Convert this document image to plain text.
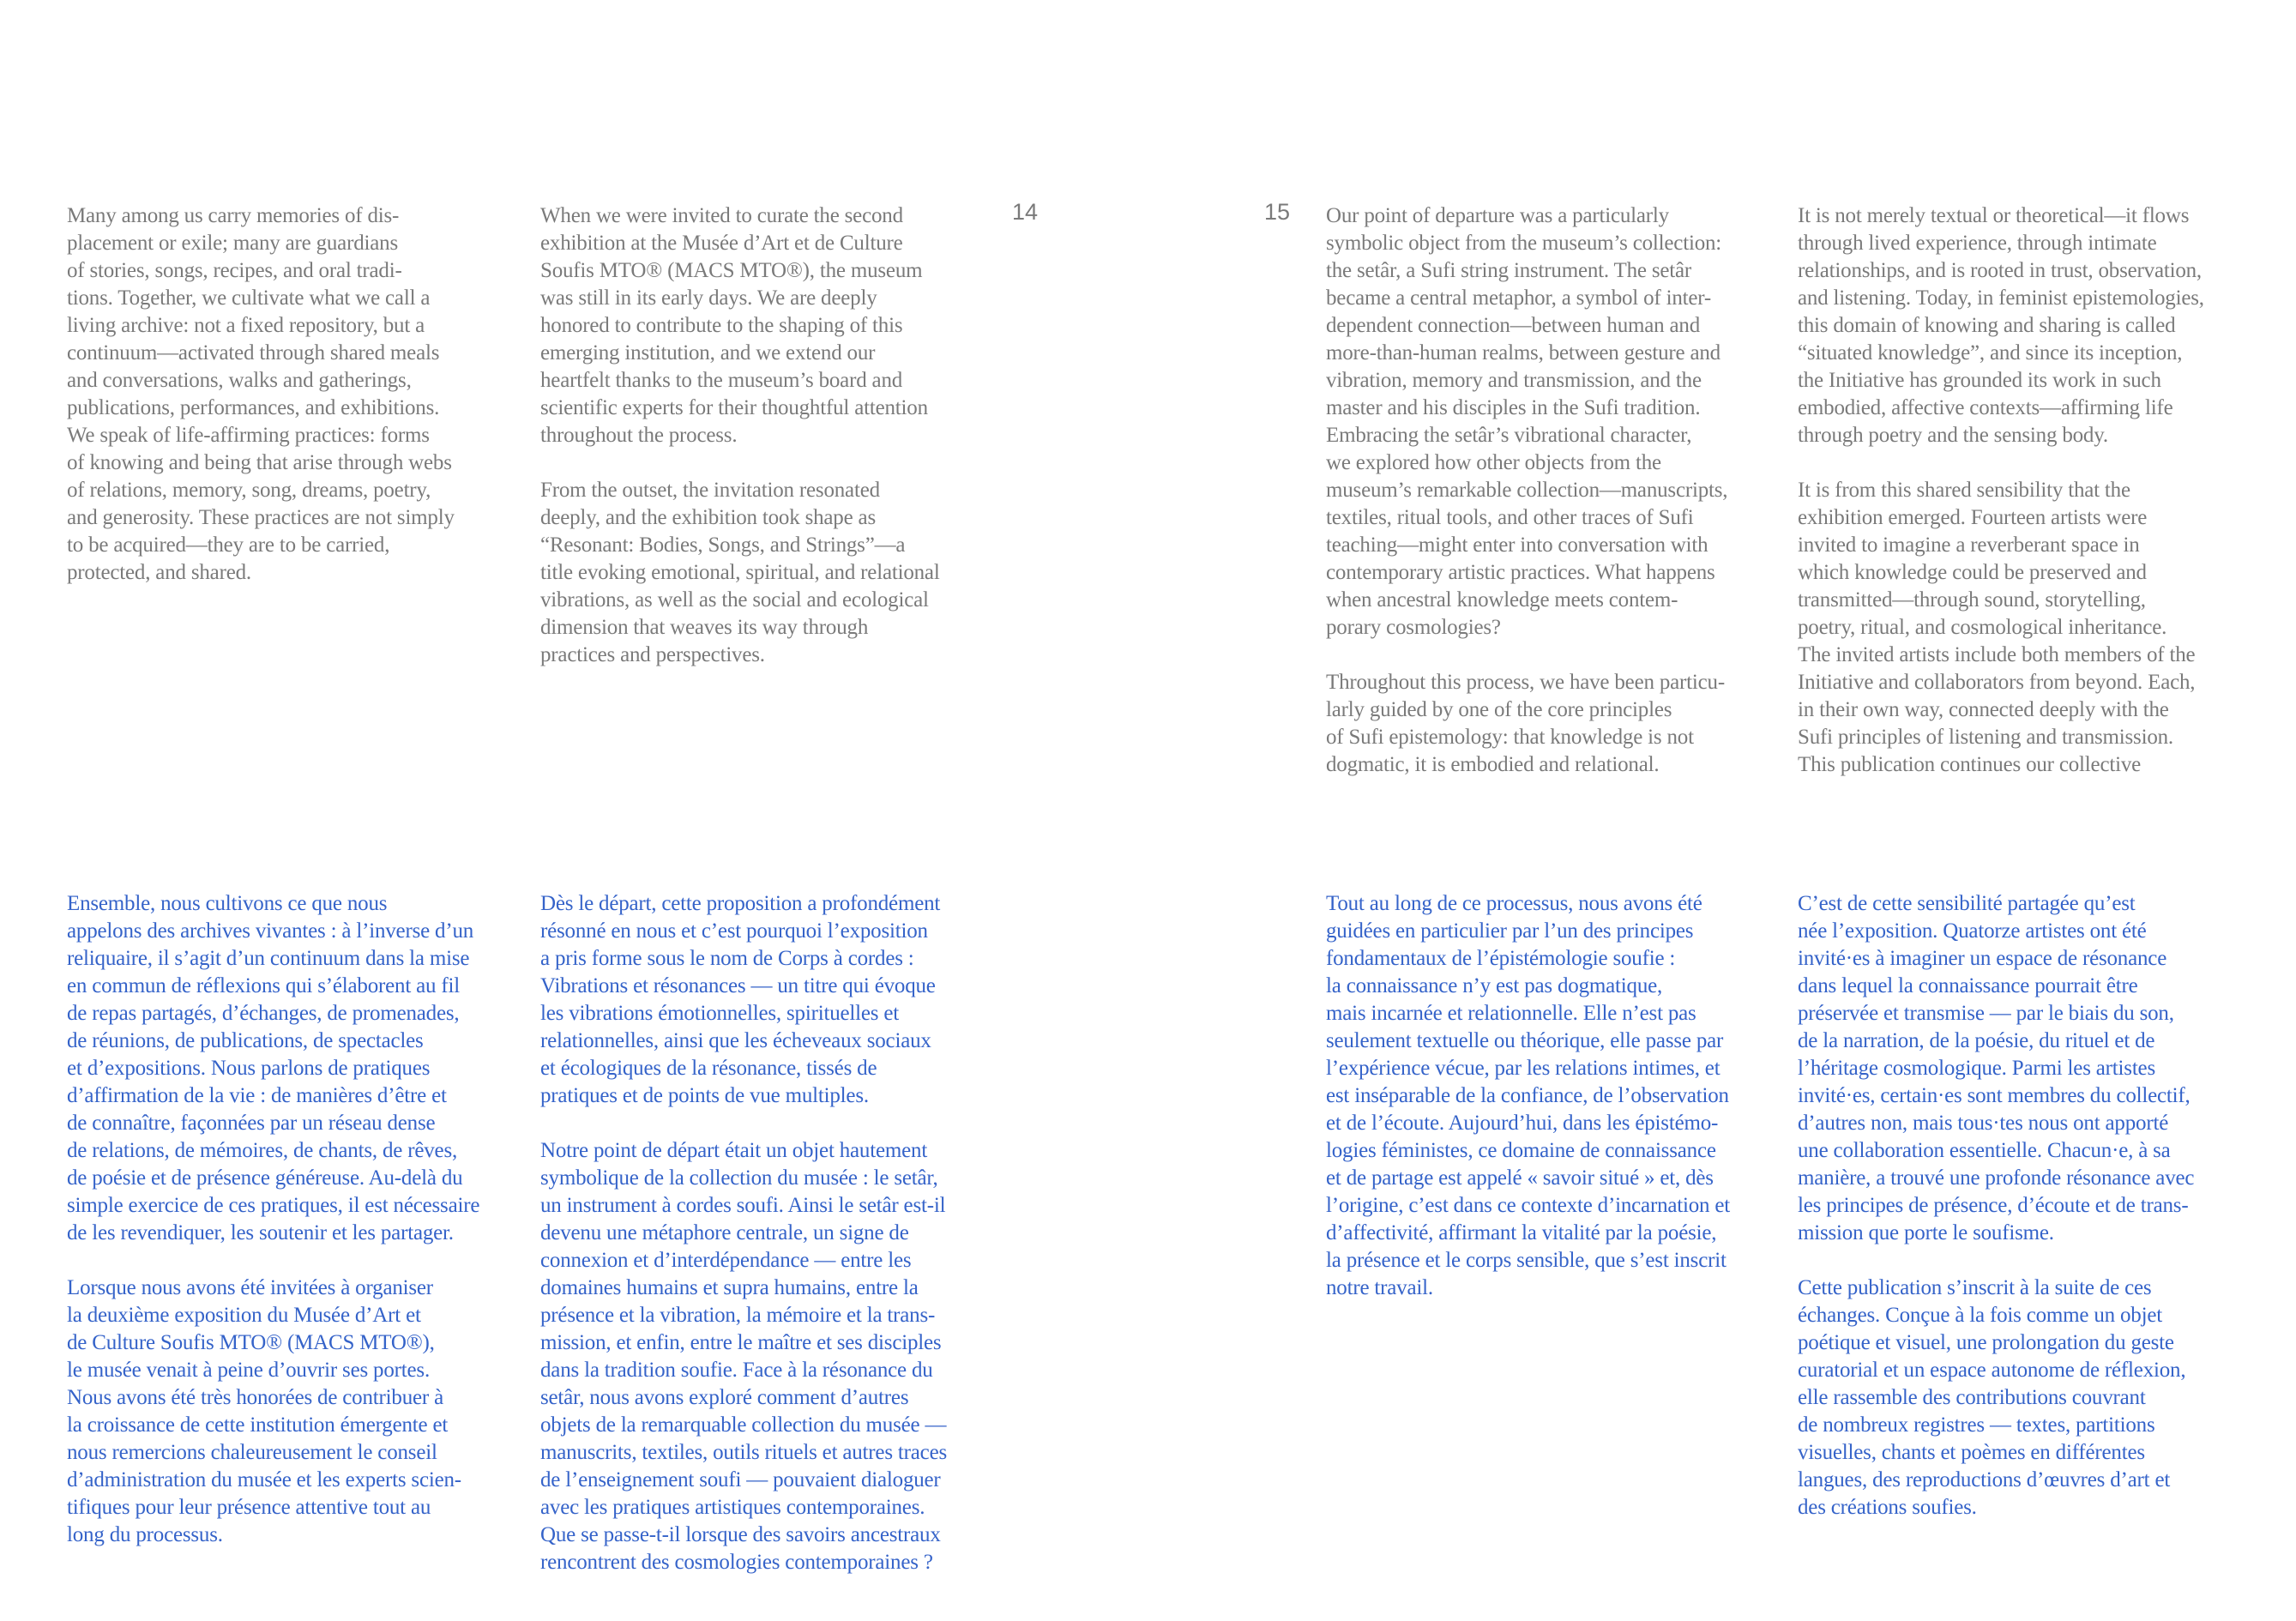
14	15

Many among us carry memories of dis-
placement or exile; many are guardians
of stories, songs, recipes, and oral tradi-
tions. Together, we cultivate what we call a
living archive: not a fixed repository, but a
continuum—activated through shared meals
and conversations, walks and gatherings,
publications, performances, and exhibitions.
We speak of life-affirming practices: forms
of knowing and being that arise through webs
of relations, memory, song, dreams, poetry,
and generosity. These practices are not simply
to be acquired—they are to be carried,
protected, and shared.

When we were invited to curate the second
exhibition at the Musée d’Art et de Culture
Soufis MTO® (MACS MTO®), the museum
was still in its early days. We are deeply
honored to contribute to the shaping of this
emerging institution, and we extend our
heartfelt thanks to the museum’s board and
scientific experts for their thoughtful attention
throughout the process.

From the outset, the invitation resonated
deeply, and the exhibition took shape as
“Resonant: Bodies, Songs, and Strings”—a
title evoking emotional, spiritual, and relational
vibrations, as well as the social and ecological
dimension that weaves its way through
practices and perspectives.

Our point of departure was a particularly
symbolic object from the museum’s collection:
the setâr, a Sufi string instrument. The setâr
became a central metaphor, a symbol of inter-
dependent connection—between human and
more-than-human realms, between gesture and
vibration, memory and transmission, and the
master and his disciples in the Sufi tradition.
Embracing the setâr’s vibrational character,
we explored how other objects from the
museum’s remarkable collection—manuscripts,
textiles, ritual tools, and other traces of Sufi
teaching—might enter into conversation with
contemporary artistic practices. What happens
when ancestral knowledge meets contem-
porary cosmologies?

Throughout this process, we have been particu-
larly guided by one of the core principles
of Sufi epistemology: that knowledge is not
dogmatic, it is embodied and relational.

It is not merely textual or theoretical—it flows
through lived experience, through intimate
relationships, and is rooted in trust, observation,
and listening. Today, in feminist epistemologies,
this domain of knowing and sharing is called
“situated knowledge”, and since its inception,
the Initiative has grounded its work in such
embodied, affective contexts—affirming life
through poetry and the sensing body.

It is from this shared sensibility that the
exhibition emerged. Fourteen artists were
invited to imagine a reverberant space in
which knowledge could be preserved and
transmitted—through sound, storytelling,
poetry, ritual, and cosmological inheritance.
The invited artists include both members of the
Initiative and collaborators from beyond. Each,
in their own way, connected deeply with the
Sufi principles of listening and transmission.
This publication continues our collective

Ensemble, nous cultivons ce que nous
appelons des archives vivantes : à l’inverse d’un
reliquaire, il s’agit d’un continuum dans la mise
en commun de réflexions qui s’élaborent au fil
de repas partagés, d’échanges, de promenades,
de réunions, de publications, de spectacles
et d’expositions. Nous parlons de pratiques
d’affirmation de la vie : de manières d’être et
de connaître, façonnées par un réseau dense
de relations, de mémoires, de chants, de rêves,
de poésie et de présence généreuse. Au-delà du
simple exercice de ces pratiques, il est nécessaire
de les revendiquer, les soutenir et les partager.

Lorsque nous avons été invitées à organiser
la deuxième exposition du Musée d’Art et
de Culture Soufis MTO® (MACS MTO®),
le musée venait à peine d’ouvrir ses portes.
Nous avons été très honorées de contribuer à
la croissance de cette institution émergente et
nous remercions chaleureusement le conseil
d’administration du musée et les experts scien-
tifiques pour leur présence attentive tout au
long du processus.

Dès le départ, cette proposition a profondément
résonné en nous et c’est pourquoi l’exposition
a pris forme sous le nom de Corps à cordes :
Vibrations et résonances — un titre qui évoque
les vibrations émotionnelles, spirituelles et
relationnelles, ainsi que les écheveaux sociaux
et écologiques de la résonance, tissés de
pratiques et de points de vue multiples.

Notre point de départ était un objet hautement
symbolique de la collection du musée : le setâr,
un instrument à cordes soufi. Ainsi le setâr est-il
devenu une métaphore centrale, un signe de
connexion et d’interdépendance — entre les
domaines humains et supra humains, entre la
présence et la vibration, la mémoire et la trans-
mission, et enfin, entre le maître et ses disciples
dans la tradition soufie. Face à la résonance du
setâr, nous avons exploré comment d’autres
objets de la remarquable collection du musée —
manuscrits, textiles, outils rituels et autres traces
de l’enseignement soufi — pouvaient dialoguer
avec les pratiques artistiques contemporaines.
Que se passe-t-il lorsque des savoirs ancestraux
rencontrent des cosmologies contemporaines ?

Tout au long de ce processus, nous avons été
guidées en particulier par l’un des principes
fondamentaux de l’épistémologie soufie :
la connaissance n’y est pas dogmatique,
mais incarnée et relationnelle. Elle n’est pas
seulement textuelle ou théorique, elle passe par
l’expérience vécue, par les relations intimes, et
est inséparable de la confiance, de l’observation
et de l’écoute. Aujourd’hui, dans les épistémo-
logies féministes, ce domaine de connaissance
et de partage est appelé « savoir situé » et, dès
l’origine, c’est dans ce contexte d’incarnation et
d’affectivité, affirmant la vitalité par la poésie,
la présence et le corps sensible, que s’est inscrit
notre travail.

C’est de cette sensibilité partagée qu’est
née l’exposition. Quatorze artistes ont été
invité·es à imaginer un espace de résonance
dans lequel la connaissance pourrait être
préservée et transmise — par le biais du son,
de la narration, de la poésie, du rituel et de
l’héritage cosmologique. Parmi les artistes
invité·es, certain·es sont membres du collectif,
d’autres non, mais tous·tes nous ont apporté
une collaboration essentielle. Chacun·e, à sa
manière, a trouvé une profonde résonance avec
les principes de présence, d’écoute et de trans-
mission que porte le soufisme.

Cette publication s’inscrit à la suite de ces
échanges. Conçue à la fois comme un objet
poétique et visuel, une prolongation du geste
curatorial et un espace autonome de réflexion,
elle rassemble des contributions couvrant
de nombreux registres — textes, partitions
visuelles, chants et poèmes en différentes
langues, des reproductions d’œuvres d’art et
des créations soufies.
